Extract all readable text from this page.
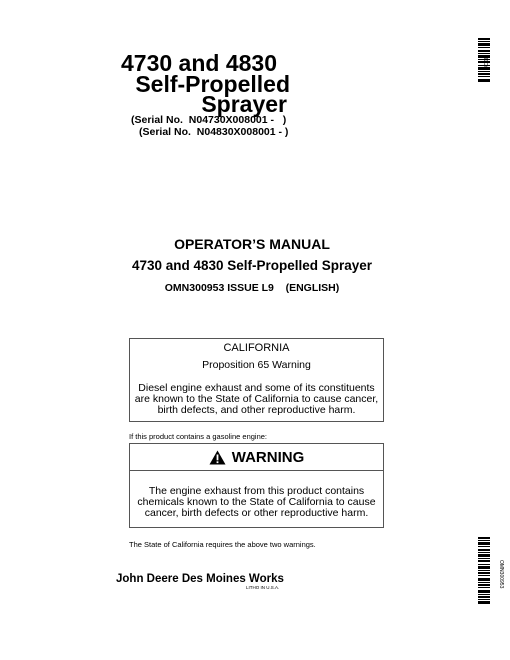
4730 and 4830
Self-Propelled
Sprayer
(Serial No.  N04730X008001 -   )
(Serial No.  N04830X008001 - )
OPERATOR’S MANUAL
4730 and 4830 Self-Propelled Sprayer
OMN300953 ISSUE L9    (ENGLISH)
CALIFORNIA
Proposition 65 Warning
Diesel engine exhaust and some of its constituents
are known to the State of California to cause cancer,
birth defects, and other reproductive harm.
If this product contains a gasoline engine:
WARNING
The engine exhaust from this product contains
chemicals known to the State of California to cause
cancer, birth defects or other reproductive harm.
The State of California requires the above two warnings.
John Deere Des Moines Works
LITHO IN U.S.A.
DCY
OMN300953
